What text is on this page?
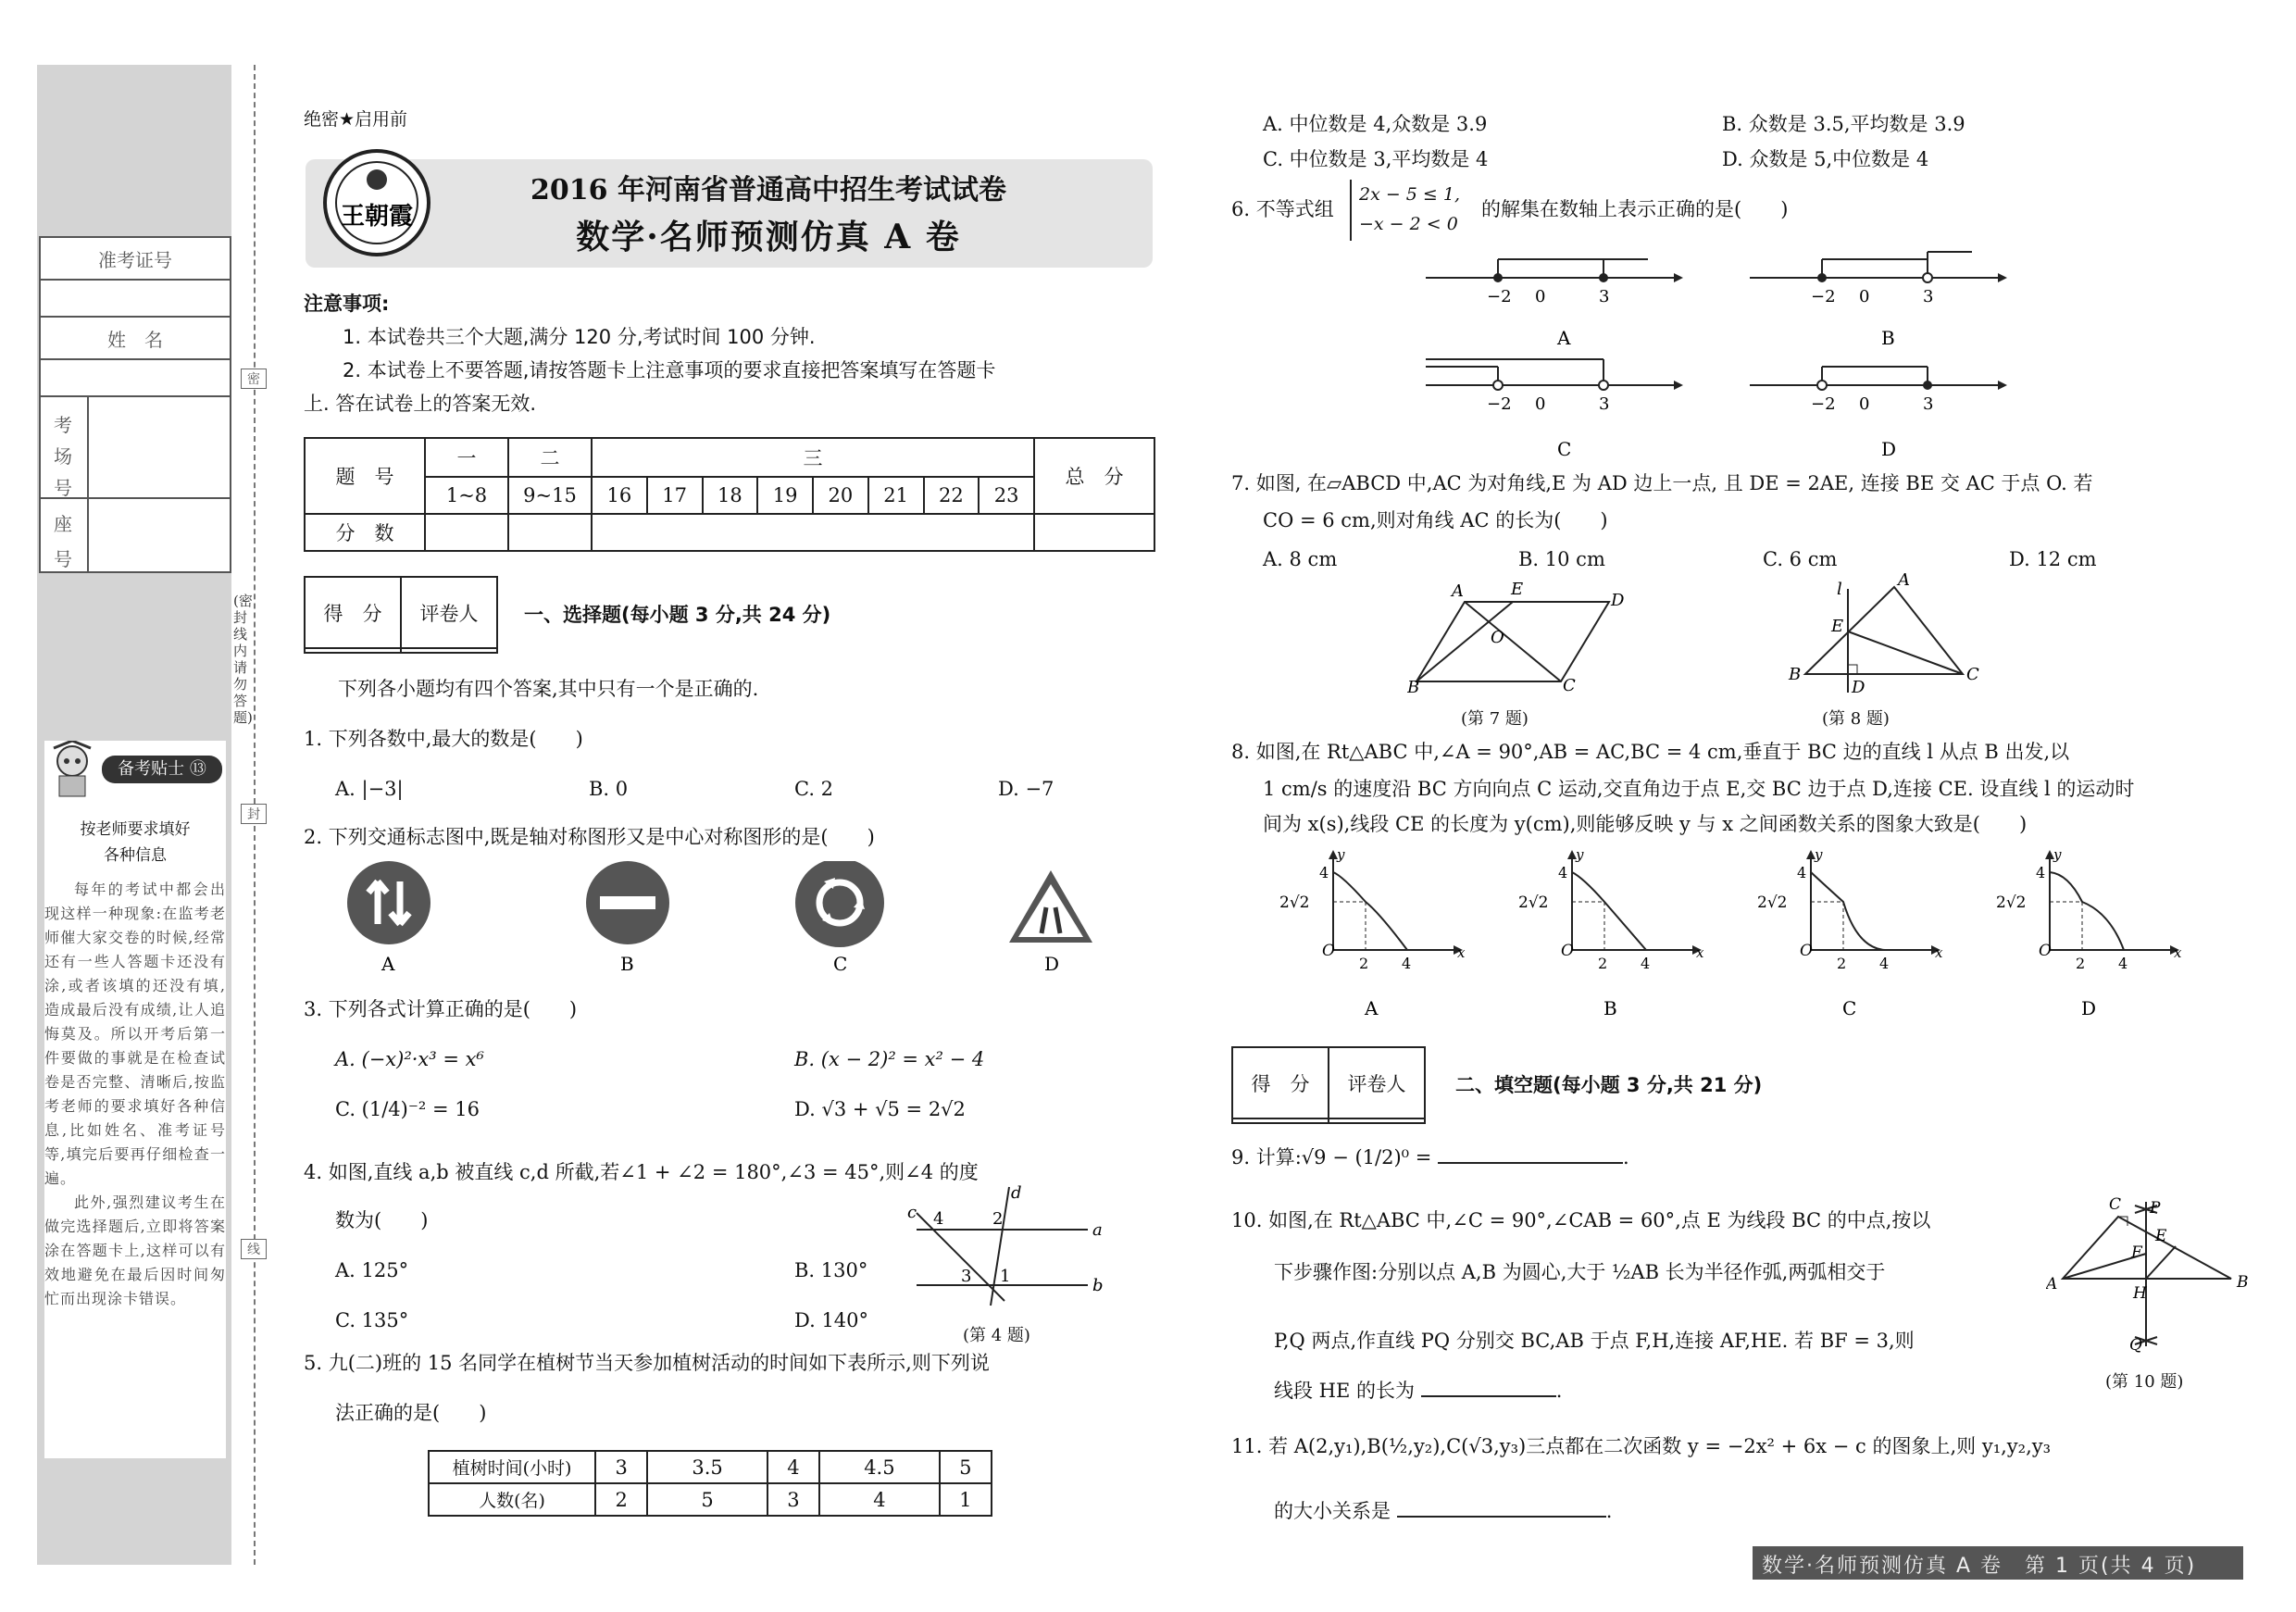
准考证号
姓　名
考
场
号
座
号
备考贴士 ⑬
按老师要求填好
各种信息

每年的考试中都会出现这样一种现象:在监考老师催大家交卷的时候,经常还有一些人答题卡还没有涂,或者该填的还没有填,造成最后没有成绩,让人追悔莫及。所以开考后第一件要做的事就是在检查试卷是否完整、清晰后,按监考老师的要求填好各种信息,比如姓名、准考证号等,填完后要再仔细检查一遍。

此外,强烈建议考生在做完选择题后,立即将答案涂在答题卡上,这样可以有效地避免在最后因时间匆忙而出现涂卡错误。

密
封
线
(密封线内请勿答题)
绝密★启用前
王朝霞
2016 年河南省普通高中招生考试试卷
数学·名师预测仿真 A 卷
注意事项:
1. 本试卷共三个大题,满分 120 分,考试时间 100 分钟.
2. 本试卷上不要答题,请按答题卡上注意事项的要求直接把答案填写在答题卡
上. 答在试卷上的答案无效.
题　号	一	二	三								总　分
	1~8	9~15	16	17	18	19	20	21	22	23	
分　数											
得　分	评卷人
	一、选择题(每小题 3 分,共 24 分)
下列各小题均有四个答案,其中只有一个是正确的.
1. 下列各数中,最大的数是(　　)
A. |−3|	B. 0	C. 2	D. −7
2. 下列交通标志图中,既是轴对称图形又是中心对称图形的是(　　)
A	B	C	D
3. 下列各式计算正确的是(　　)
A. (−x)²·x³ = x⁶	B. (x − 2)² = x² − 4
C. (1/4)⁻² = 16	D. √3 + √5 = 2√2
4. 如图,直线 a,b 被直线 c,d 所截,若∠1 + ∠2 = 180°,∠3 = 45°,则∠4 的度
数为(　　)
A. 125°	B. 130°
C. 135°	D. 140°
c 4	2
d
a
b
3 1
(第 4 题)
5. 九(二)班的 15 名同学在植树节当天参加植树活动的时间如下表所示,则下列说
法正确的是(　　)
植树时间(小时)	3	3.5	4	4.5	5
人数(名)	2	5	3	4	1
A. 中位数是 4,众数是 3.9	B. 众数是 3.5,平均数是 3.9
C. 中位数是 3,平均数是 4	D. 众数是 5,中位数是 4
6. 不等式组
2x − 5 ≤ 1,
−x − 2 < 0
的解集在数轴上表示正确的是(　　)
−2 0	3
A
−2 0	3
B
−2 0	3
C
−2 0	3
D
7. 如图, 在▱ABCD 中,AC 为对角线,E 为 AD 边上一点, 且 DE = 2AE, 连接 BE 交 AC 于点 O. 若
CO = 6 cm,则对角线 AC 的长为(　　)
A. 8 cm	B. 10 cm	C. 6 cm	D. 12 cm
A	E
D
B	C
O
(第 7 题)
l	A
E
B	C
D
(第 8 题)
8. 如图,在 Rt△ABC 中,∠A = 90°,AB = AC,BC = 4 cm,垂直于 BC 边的直线 l 从点 B 出发,以
1 cm/s 的速度沿 BC 方向向点 C 运动,交直角边于点 E,交 BC 边于点 D,连接 CE. 设直线 l 的运动时
间为 x(s),线段 CE 的长度为 y(cm),则能够反映 y 与 x 之间函数关系的图象大致是(　　)
A	B	C	D
得　分	评卷人
		二、填空题(每小题 3 分,共 21 分)
9. 计算:√9 − (1/2)⁰ =	.
10. 如图,在 Rt△ABC 中,∠C = 90°,∠CAB = 60°,点 E 为线段 BC 的中点,按以
下步骤作图:分别以点 A,B 为圆心,大于 ½AB 长为半径作弧,两弧相交于
P,Q 两点,作直线 PQ 分别交 BC,AB 于点 F,H,连接 AF,HE. 若 BF = 3,则
线段 HE 的长为	.
C P
E
F
A	B
H
Q
(第 10 题)
11. 若 A(2,y₁),B(½,y₂),C(√3,y₃)三点都在二次函数 y = −2x² + 6x − c 的图象上,则 y₁,y₂,y₃
的大小关系是	.
数学·名师预测仿真 A 卷　第 1 页(共 4 页)
